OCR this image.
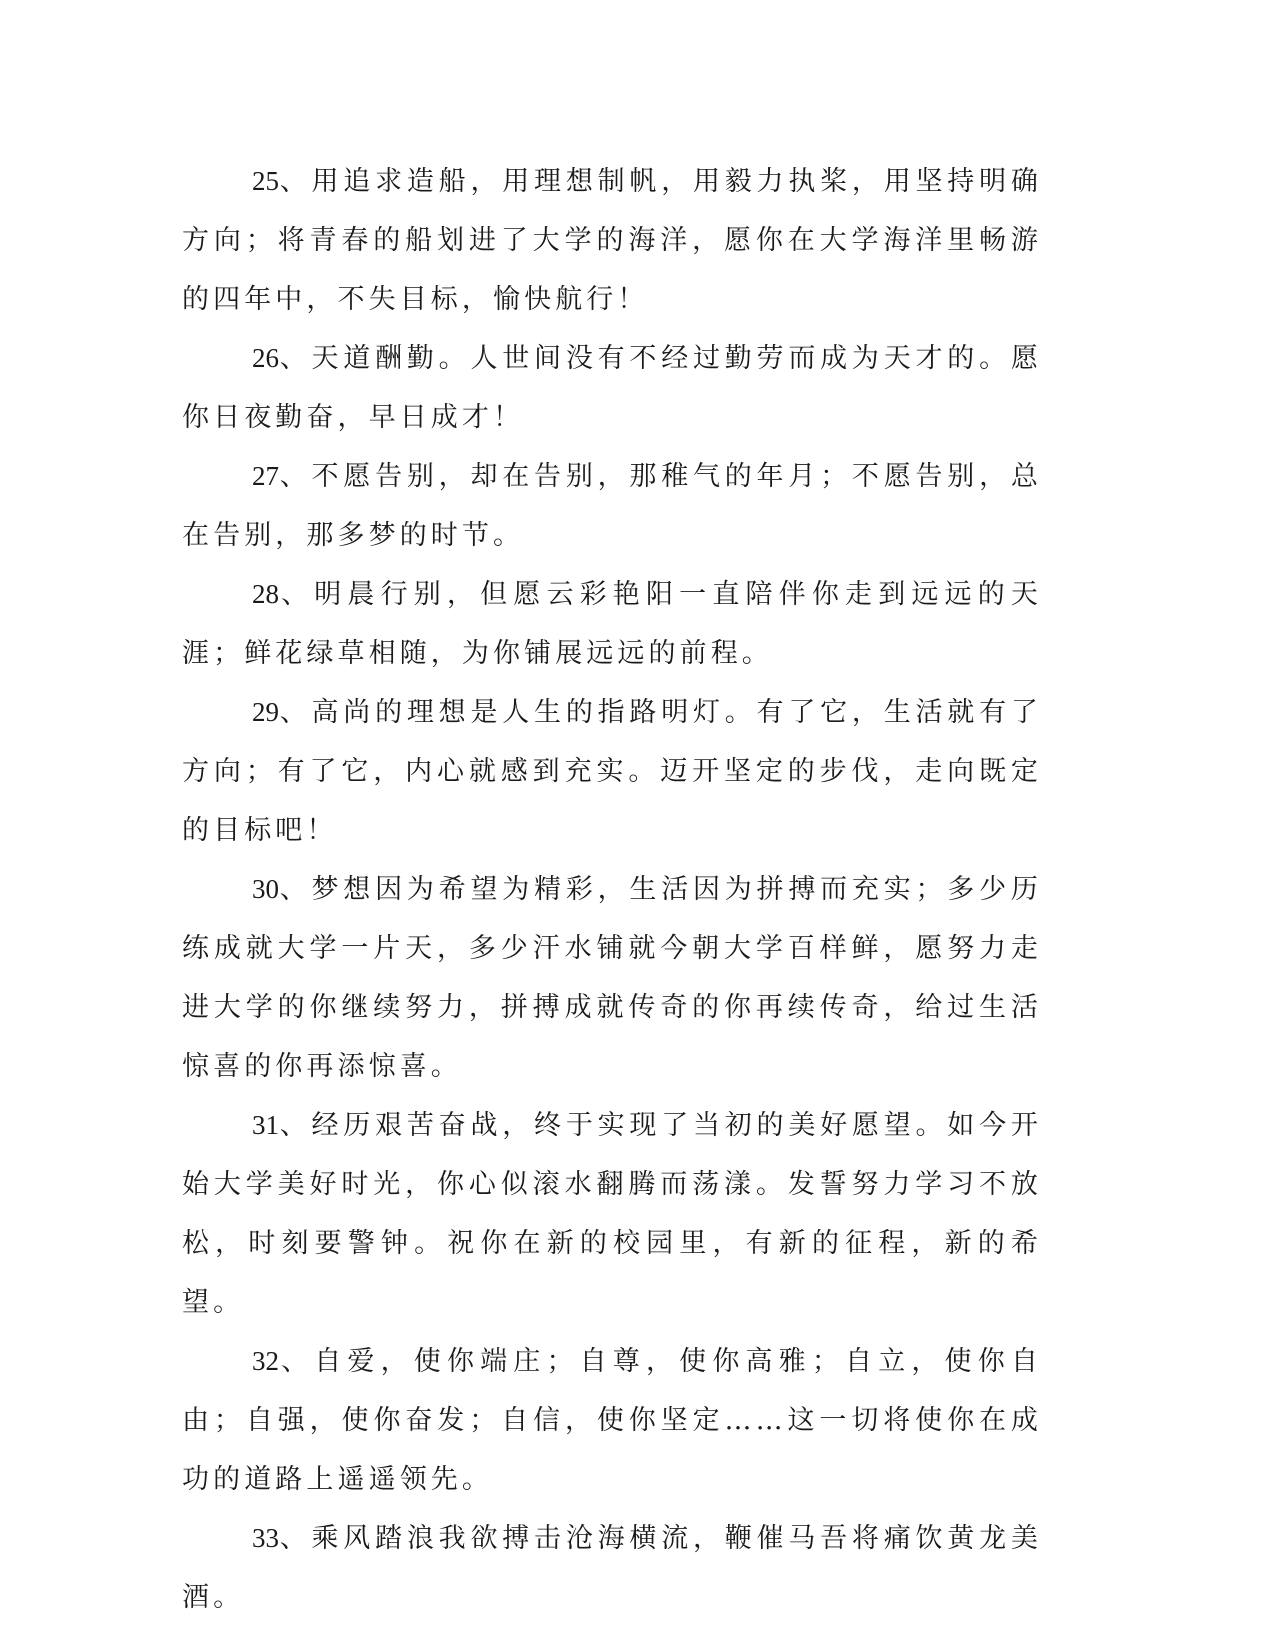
25、用追求造船，用理想制帆，用毅力执桨，用坚持明确方向；将青春的船划进了大学的海洋，愿你在大学海洋里畅游的四年中，不失目标，愉快航行！

26、天道酬勤。人世间没有不经过勤劳而成为天才的。愿你日夜勤奋，早日成才！

27、不愿告别，却在告别，那稚气的年月；不愿告别，总在告别，那多梦的时节。

28、明晨行别，但愿云彩艳阳一直陪伴你走到远远的天涯；鲜花绿草相随，为你铺展远远的前程。

29、高尚的理想是人生的指路明灯。有了它，生活就有了方向；有了它，内心就感到充实。迈开坚定的步伐，走向既定的目标吧！

30、梦想因为希望为精彩，生活因为拼搏而充实；多少历练成就大学一片天，多少汗水铺就今朝大学百样鲜，愿努力走进大学的你继续努力，拼搏成就传奇的你再续传奇，给过生活惊喜的你再添惊喜。

31、经历艰苦奋战，终于实现了当初的美好愿望。如今开始大学美好时光，你心似滚水翻腾而荡漾。发誓努力学习不放松，时刻要警钟。祝你在新的校园里，有新的征程，新的希望。

32、自爱，使你端庄；自尊，使你高雅；自立，使你自由；自强，使你奋发；自信，使你坚定……这一切将使你在成功的道路上遥遥领先。

33、乘风踏浪我欲搏击沧海横流，鞭催马吾将痛饮黄龙美酒。
